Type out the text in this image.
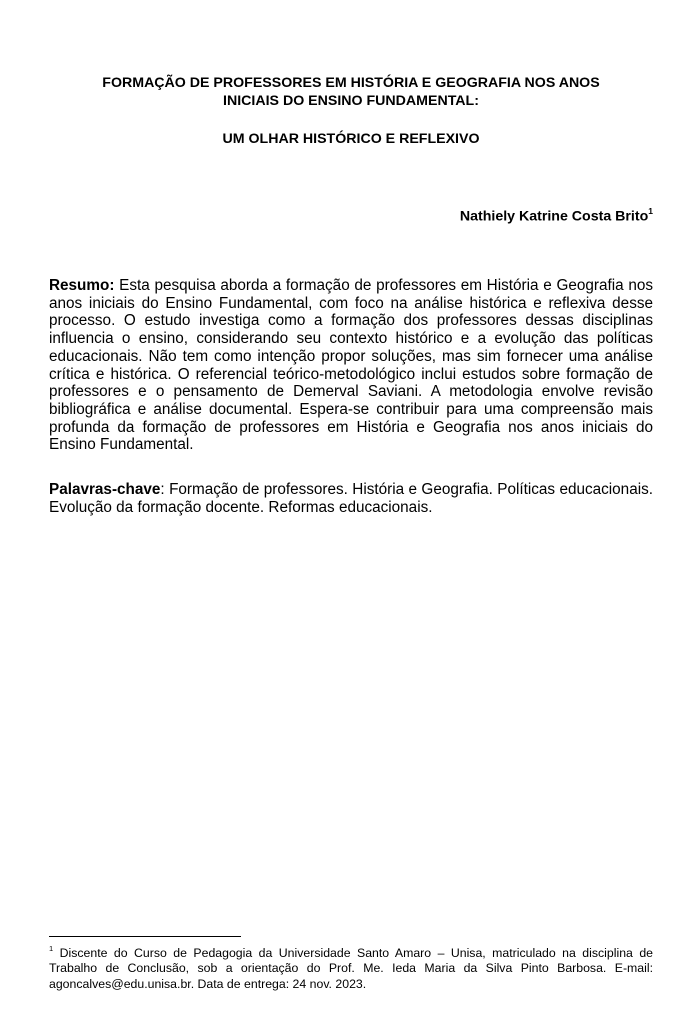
FORMAÇÃO DE PROFESSORES EM HISTÓRIA E GEOGRAFIA NOS ANOS
INICIAIS DO ENSINO FUNDAMENTAL:
UM OLHAR HISTÓRICO E REFLEXIVO
Nathiely Katrine Costa Brito$^1$

Resumo: Esta pesquisa aborda a formação de professores em História e Geografia nos anos iniciais do Ensino Fundamental, com foco na análise histórica e reflexiva desse processo. O estudo investiga como a formação dos professores dessas disciplinas influencia o ensino, considerando seu contexto histórico e a evolução das políticas educacionais. Não tem como intenção propor soluções, mas sim fornecer uma análise crítica e histórica. O referencial teórico-metodológico inclui estudos sobre formação de professores e o pensamento de Demerval Saviani. A metodologia envolve revisão bibliográfica e análise documental. Espera-se contribuir para uma compreensão mais profunda da formação de professores em História e Geografia nos anos iniciais do Ensino Fundamental.

Palavras-chave: Formação de professores. História e Geografia. Políticas educacionais. Evolução da formação docente. Reformas educacionais.

$^1$ Discente do Curso de Pedagogia da Universidade Santo Amaro – Unisa, matriculado na disciplina de Trabalho de Conclusão, sob a orientação do Prof. Me. Ieda Maria da Silva Pinto Barbosa. E-mail: agoncalves@edu.unisa.br. Data de entrega: 24 nov. 2023.
